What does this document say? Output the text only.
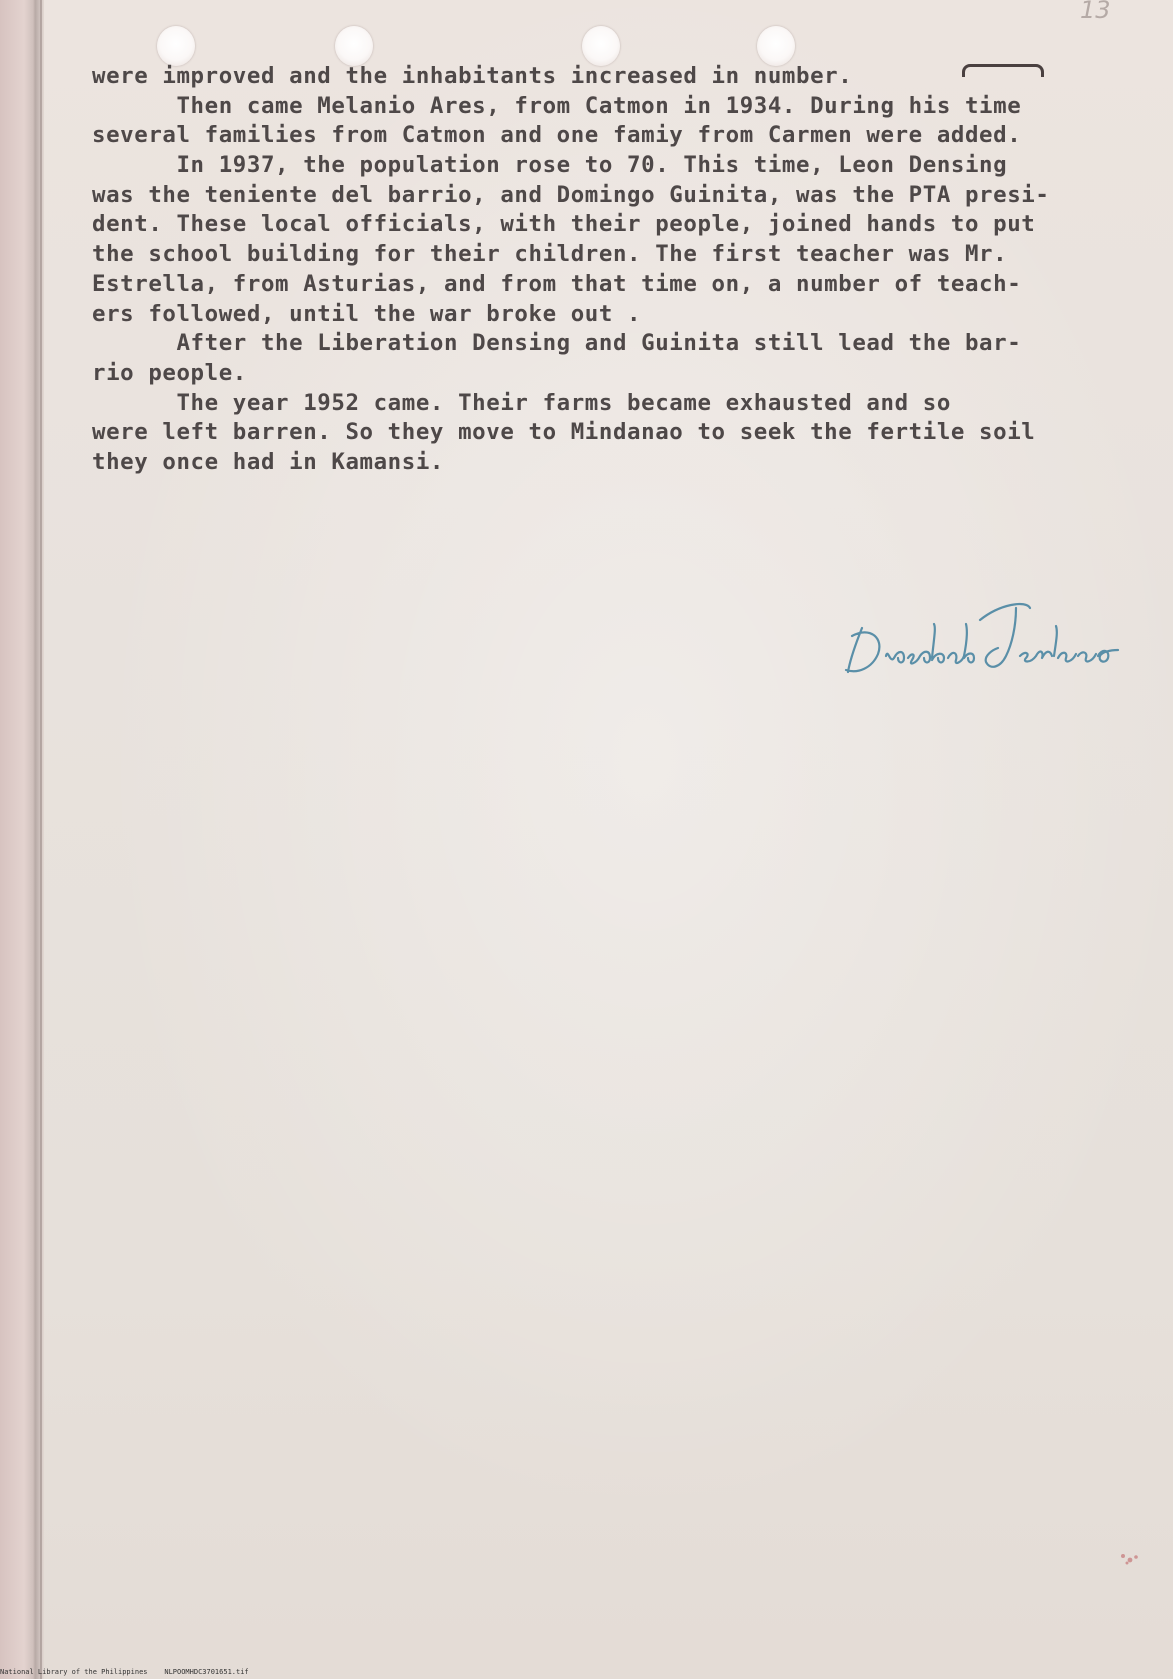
13
were improved and the inhabitants increased in number.
Then came Melanio Ares, from Catmon in 1934. During his time
several families from Catmon and one famiy from Carmen were added.
In 1937, the population rose to 70. This time, Leon Densing
was the teniente del barrio, and Domingo Guinita, was the PTA presi-
dent. These local officials, with their people, joined hands to put
the school building for their children. The first teacher was Mr.
Estrella, from Asturias, and from that time on, a number of teach-
ers followed, until the war broke out .
After the Liberation Densing and Guinita still lead the bar-
rio people.
The year 1952 came. Their farms became exhausted and so
were left barren. So they move to Mindanao to seek the fertile soil
they once had in Kamansi.
National Library of the Philippines    NLPOOMHDC3701651.tif
